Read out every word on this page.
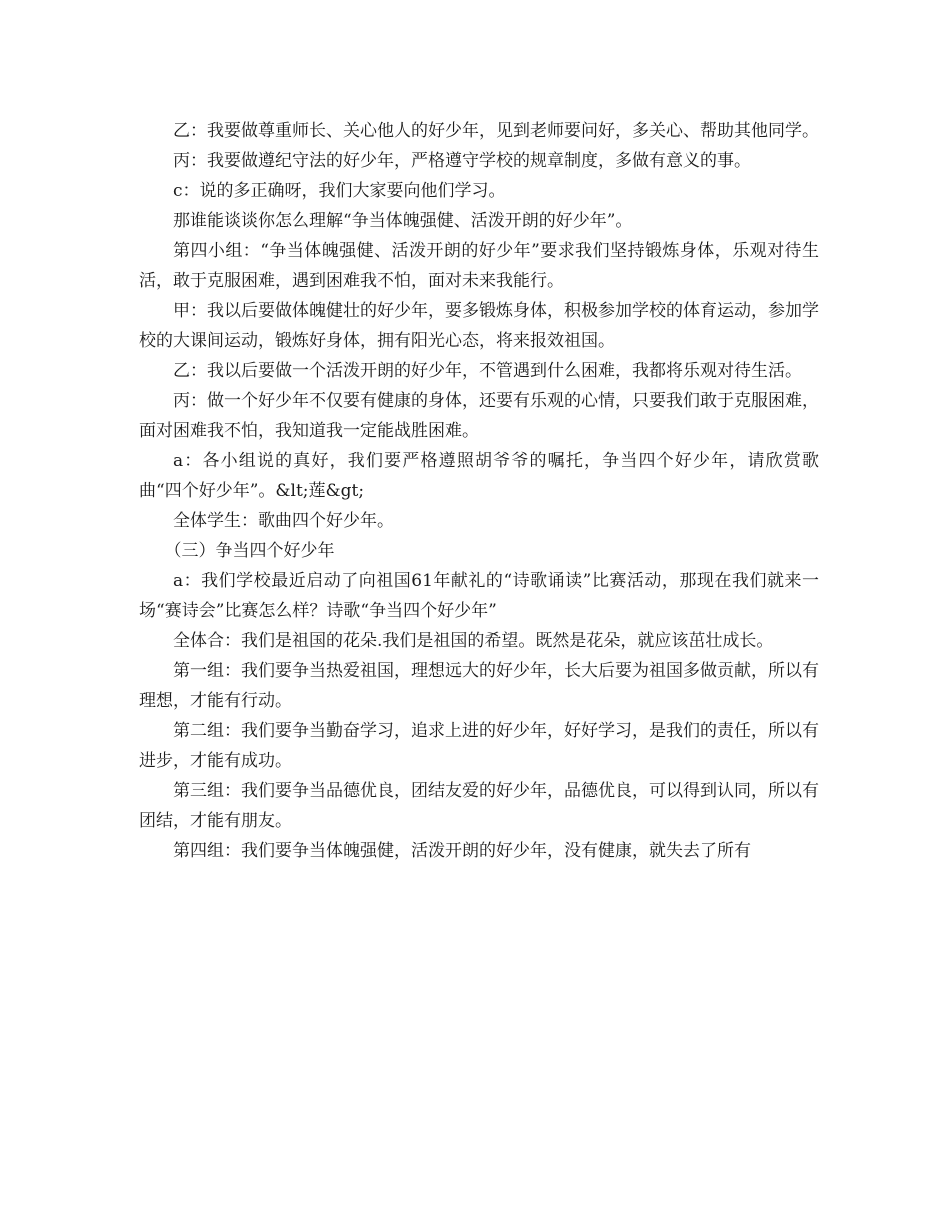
乙：我要做尊重师长、关心他人的好少年，见到老师要问好，多关心、帮助其他同学。

丙：我要做遵纪守法的好少年，严格遵守学校的规章制度，多做有意义的事。

c：说的多正确呀，我们大家要向他们学习。

那谁能谈谈你怎么理解“争当体魄强健、活泼开朗的好少年”。

第四小组：“争当体魄强健、活泼开朗的好少年”要求我们坚持锻炼身体，乐观对待生活，敢于克服困难，遇到困难我不怕，面对未来我能行。

甲：我以后要做体魄健壮的好少年，要多锻炼身体，积极参加学校的体育运动，参加学校的大课间运动，锻炼好身体，拥有阳光心态，将来报效祖国。

乙：我以后要做一个活泼开朗的好少年，不管遇到什么困难，我都将乐观对待生活。

丙：做一个好少年不仅要有健康的身体，还要有乐观的心情，只要我们敢于克服困难，面对困难我不怕，我知道我一定能战胜困难。

a：各小组说的真好，我们要严格遵照胡爷爷的嘱托，争当四个好少年，请欣赏歌曲“四个好少年”。&lt;莲&gt;

全体学生：歌曲四个好少年。

（三）争当四个好少年

a：我们学校最近启动了向祖国61年献礼的“诗歌诵读”比赛活动，那现在我们就来一场“赛诗会”比赛怎么样？诗歌“争当四个好少年”

全体合：我们是祖国的花朵.我们是祖国的希望。既然是花朵，就应该茁壮成长。

第一组：我们要争当热爱祖国，理想远大的好少年，长大后要为祖国多做贡献，所以有理想，才能有行动。

第二组：我们要争当勤奋学习，追求上进的好少年，好好学习，是我们的责任，所以有进步，才能有成功。

第三组：我们要争当品德优良，团结友爱的好少年，品德优良，可以得到认同，所以有团结，才能有朋友。

第四组：我们要争当体魄强健，活泼开朗的好少年，没有健康，就失去了所有
